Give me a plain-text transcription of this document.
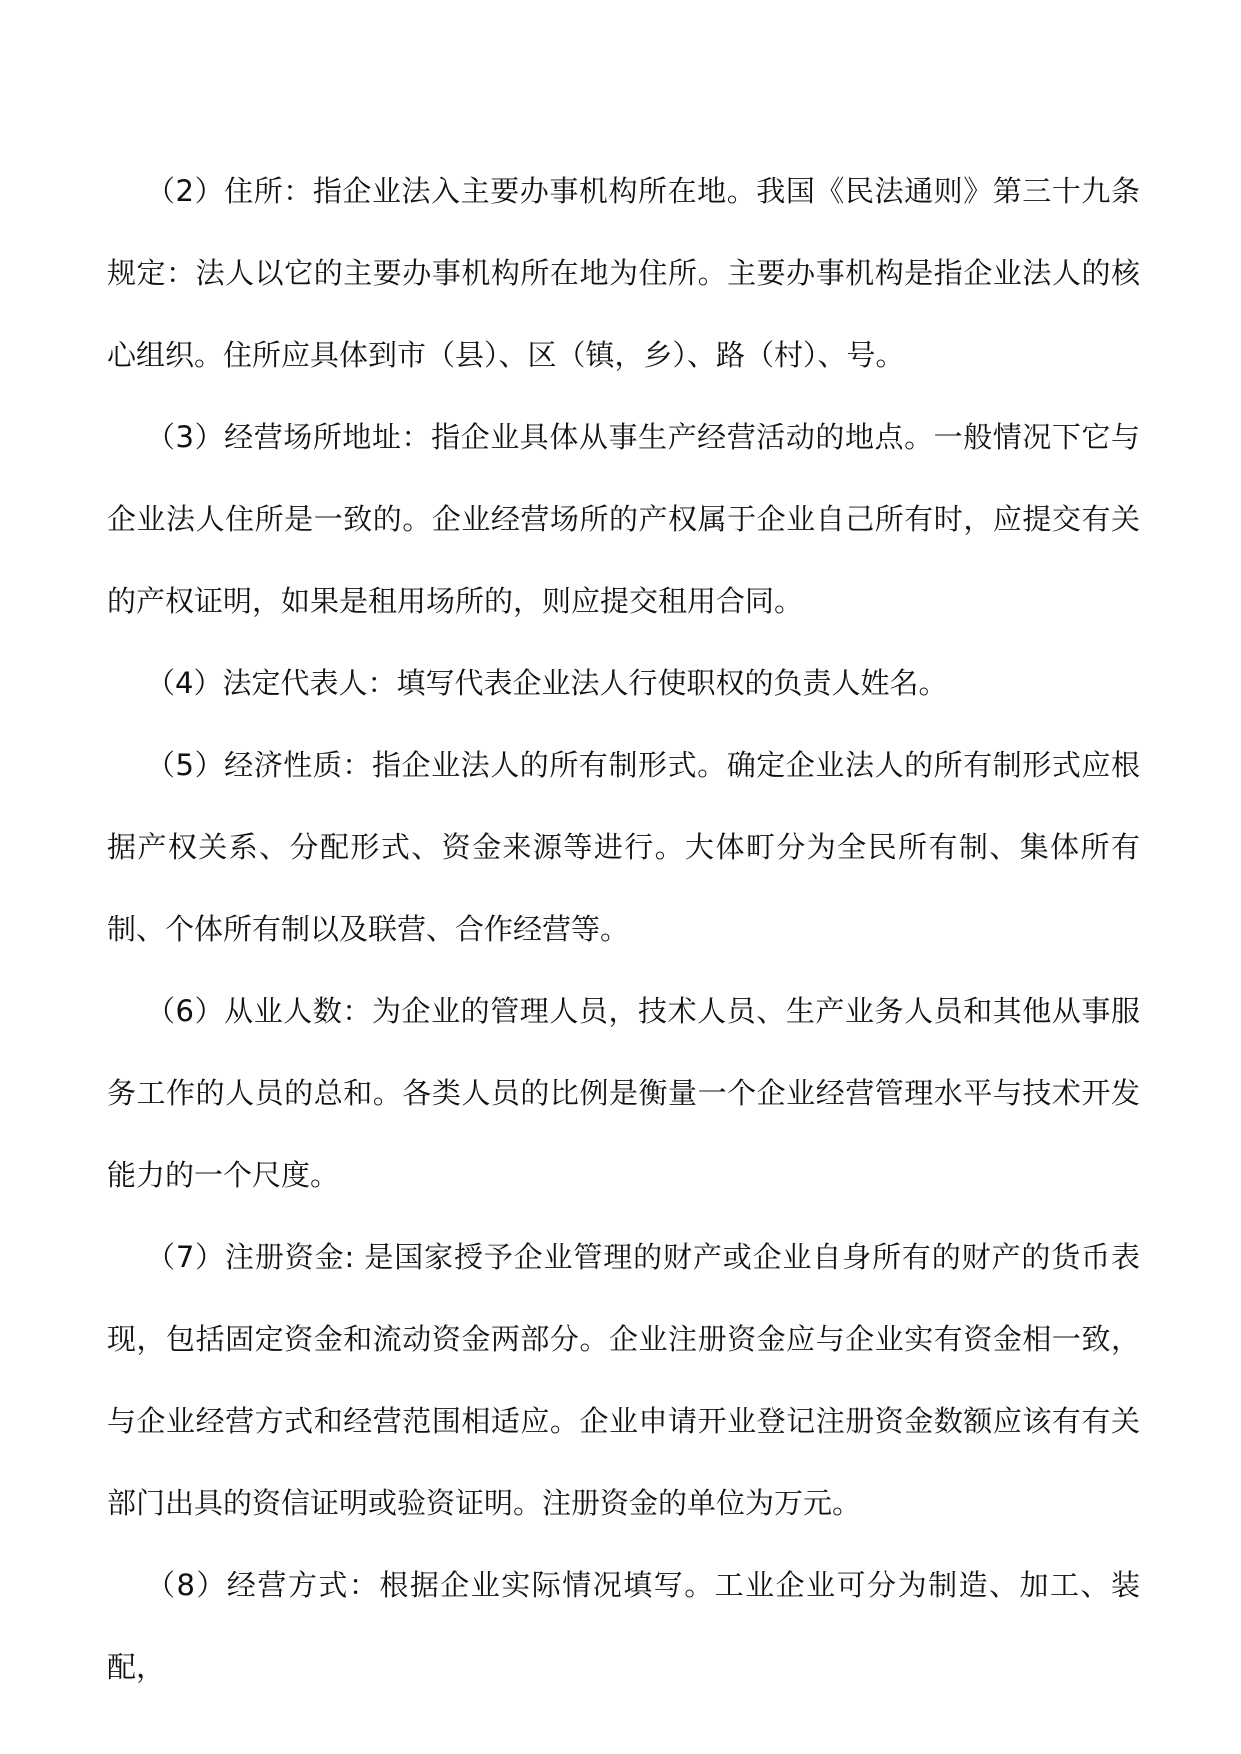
（2）住所：指企业法入主要办事机构所在地。我国《民法通则》第三十九条规定：法人以它的主要办事机构所在地为住所。主要办事机构是指企业法人的核心组织。住所应具体到市（县）、区（镇，乡）、路（村）、号。

（3）经营场所地址：指企业具体从事生产经营活动的地点。一般情况下它与企业法人住所是一致的。企业经营场所的产权属于企业自己所有时，应提交有关的产权证明，如果是租用场所的，则应提交租用合同。

（4）法定代表人：填写代表企业法人行使职权的负责人姓名。

（5）经济性质：指企业法人的所有制形式。确定企业法人的所有制形式应根据产权关系、分配形式、资金来源等进行。大体町分为全民所有制、集体所有制、个体所有制以及联营、合作经营等。

（6）从业人数：为企业的管理人员，技术人员、生产业务人员和其他从事服务工作的人员的总和。各类人员的比例是衡量一个企业经营管理水平与技术开发能力的一个尺度。

（7）注册资金: 是国家授予企业管理的财产或企业自身所有的财产的货币表现，包括固定资金和流动资金两部分。企业注册资金应与企业实有资金相一致，与企业经营方式和经营范围相适应。企业申请开业登记注册资金数额应该有有关部门出具的资信证明或验资证明。注册资金的单位为万元。

（8）经营方式：根据企业实际情况填写。工业企业可分为制造、加工、装配，
